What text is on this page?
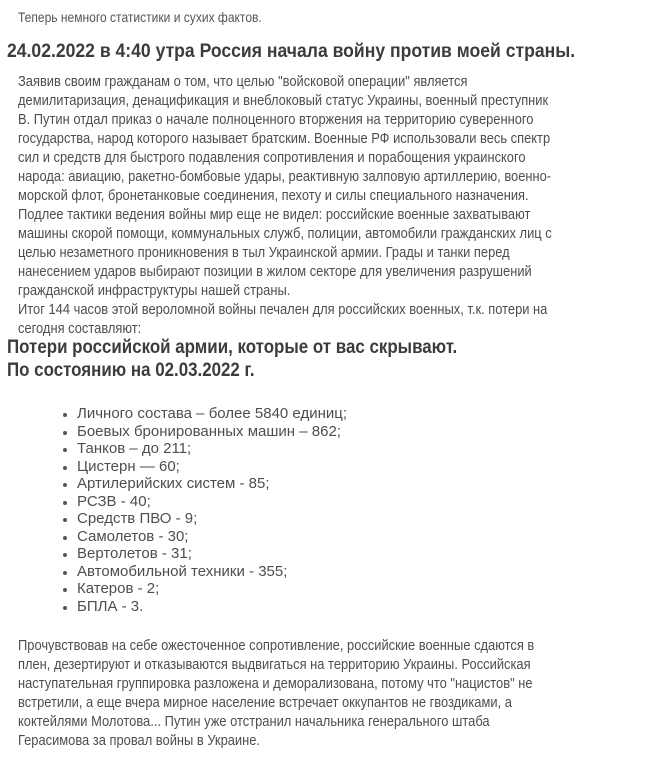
Теперь немного статистики и сухих фактов.
24.02.2022 в 4:40 утра Россия начала войну против моей страны.
Заявив своим гражданам о том, что целью "войсковой операции" является
демилитаризация, денацификация и внеблоковый статус Украины, военный преступник
В. Путин отдал приказ о начале полноценного вторжения на территорию суверенного
государства, народ которого называет братским. Военные РФ использовали весь спектр
сил и средств для быстрого подавления сопротивления и порабощения украинского
народа: авиацию, ракетно-бомбовые удары, реактивную залповую артиллерию, военно-
морской флот, бронетанковые соединения, пехоту и силы специального назначения.
Подлее тактики ведения войны мир еще не видел: российские военные захватывают
машины скорой помощи, коммунальных служб, полиции, автомобили гражданских лиц с
целью незаметного проникновения в тыл Украинской армии. Грады и танки перед
нанесением ударов выбирают позиции в жилом секторе для увеличения разрушений
гражданской инфраструктуры нашей страны.
Итог 144 часов этой вероломной войны печален для российских военных, т.к. потери на
сегодня составляют:
Потери российской армии, которые от вас скрывают.
По состоянию на 02.03.2022 г.
• Личного состава – более 5840 единиц;
• Боевых бронированных машин – 862;
• Танков – до 211;
• Цистерн — 60;
• Артилерийских систем - 85;
• РСЗВ - 40;
• Средств ПВО - 9;
• Самолетов - 30;
• Вертолетов - 31;
• Автомобильной техники - 355;
• Катеров - 2;
• БПЛА - 3.
Прочувствовав на себе ожесточенное сопротивление, российские военные сдаются в
плен, дезертируют и отказываются выдвигаться на территорию Украины. Российская
наступательная группировка разложена и деморализована, потому что "нацистов" не
встретили, а еще вчера мирное население встречает оккупантов не гвоздиками, а
коктейлями Молотова... Путин уже отстранил начальника генерального штаба
Герасимова за провал войны в Украине.
